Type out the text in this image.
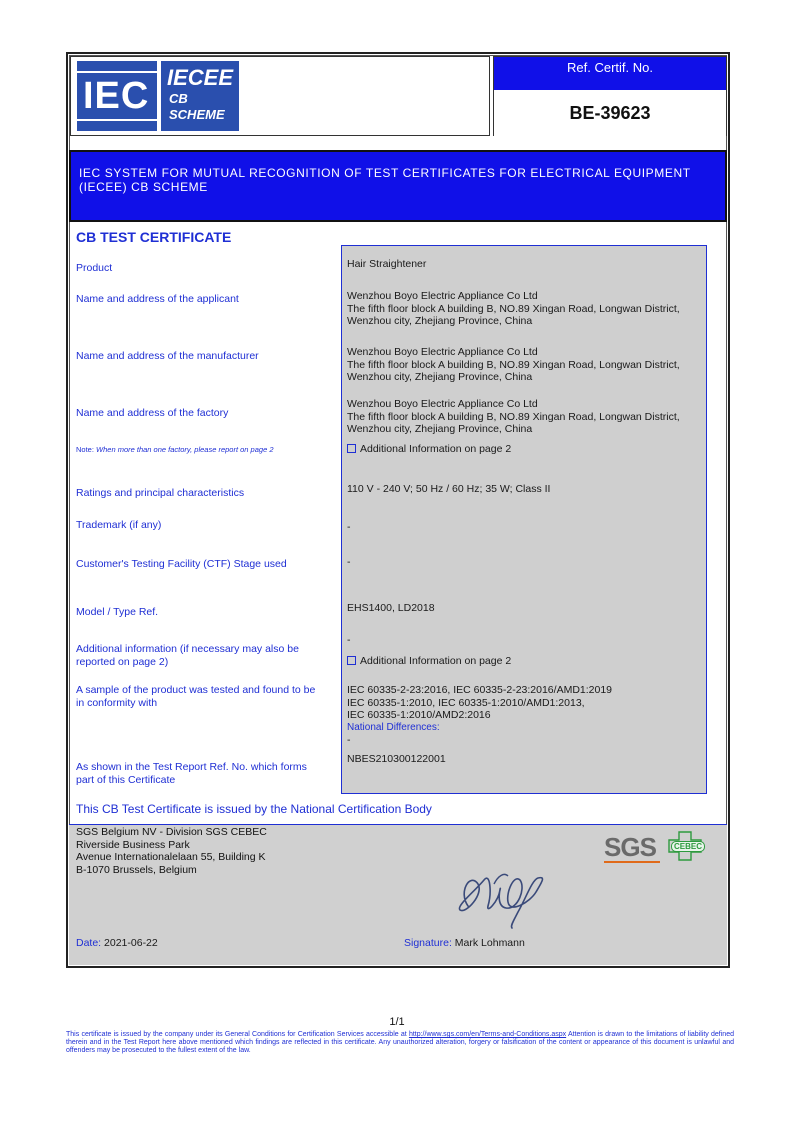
IEC IECEE
CB
SCHEME
Ref. Certif. No.
BE-39623
IEC SYSTEM FOR MUTUAL RECOGNITION OF TEST CERTIFICATES FOR ELECTRICAL EQUIPMENT (IECEE) CB SCHEME
CB TEST CERTIFICATE
Product
Name and address of the applicant
Name and address of the manufacturer
Name and address of the factory
Note: When more than one factory, please report on page 2
Ratings and principal characteristics
Trademark (if any)
Customer's Testing Facility (CTF) Stage used
Model / Type Ref.
Additional information (if necessary may also be reported on page 2)
A sample of the product was tested and found to be in conformity with
As shown in the Test Report Ref. No. which forms part of this Certificate
Hair Straightener
Wenzhou Boyo Electric Appliance Co Ltd
The fifth floor block A building B, NO.89 Xingan Road, Longwan District, Wenzhou city, Zhejiang Province, China
Wenzhou Boyo Electric Appliance Co Ltd
The fifth floor block A building B, NO.89 Xingan Road, Longwan District, Wenzhou city, Zhejiang Province, China
Wenzhou Boyo Electric Appliance Co Ltd
The fifth floor block A building B, NO.89 Xingan Road, Longwan District, Wenzhou city, Zhejiang Province, China
Additional Information on page 2
110 V - 240 V; 50 Hz / 60 Hz; 35 W; Class II
-
-
EHS1400, LD2018
-
Additional Information on page 2
IEC 60335-2-23:2016, IEC 60335-2-23:2016/AMD1:2019
IEC 60335-1:2010, IEC 60335-1:2010/AMD1:2013,
IEC 60335-1:2010/AMD2:2016
National Differences:
-
NBES210300122001
This CB Test Certificate is issued by the National Certification Body
SGS Belgium NV - Division SGS CEBEC
Riverside Business Park
Avenue Internationalelaan 55, Building K
B-1070 Brussels, Belgium
SGS	CEBEC
Date: 2021-06-22	Signature: Mark Lohmann
1/1
This certificate is issued by the company under its General Conditions for Certification Services accessible at http://www.sgs.com/en/Terms-and-Conditions.aspx Attention is drawn to the limitations of liability defined therein and in the Test Report here above mentioned which findings are reflected in this certificate. Any unauthorized alteration, forgery or falsification of the content or appearance of this document is unlawful and offenders may be prosecuted to the fullest extent of the law.
